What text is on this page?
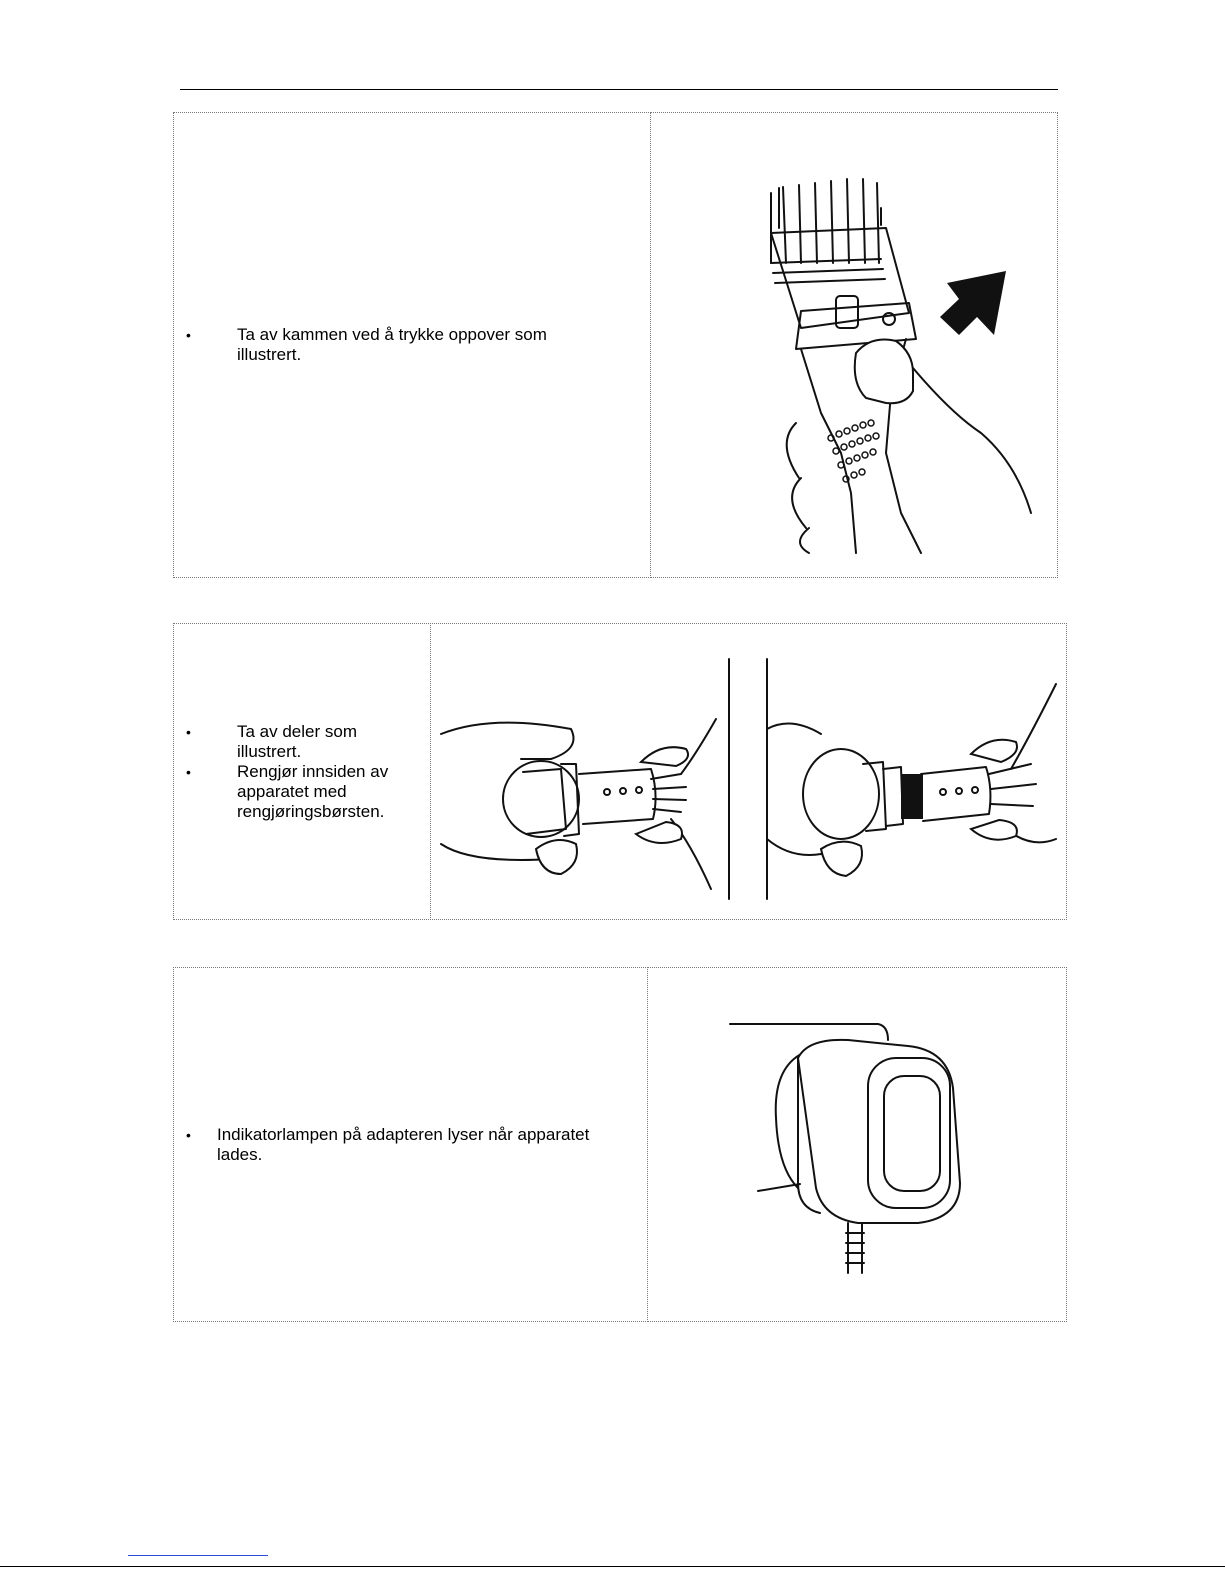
•	Ta av kammen ved å trykke oppover som illustrert.
•	Ta av deler som illustrert.
•	Rengjør innsiden av apparatet med rengjøringsbørsten.
• Indikatorlampen på adapteren lyser når apparatet lades.
